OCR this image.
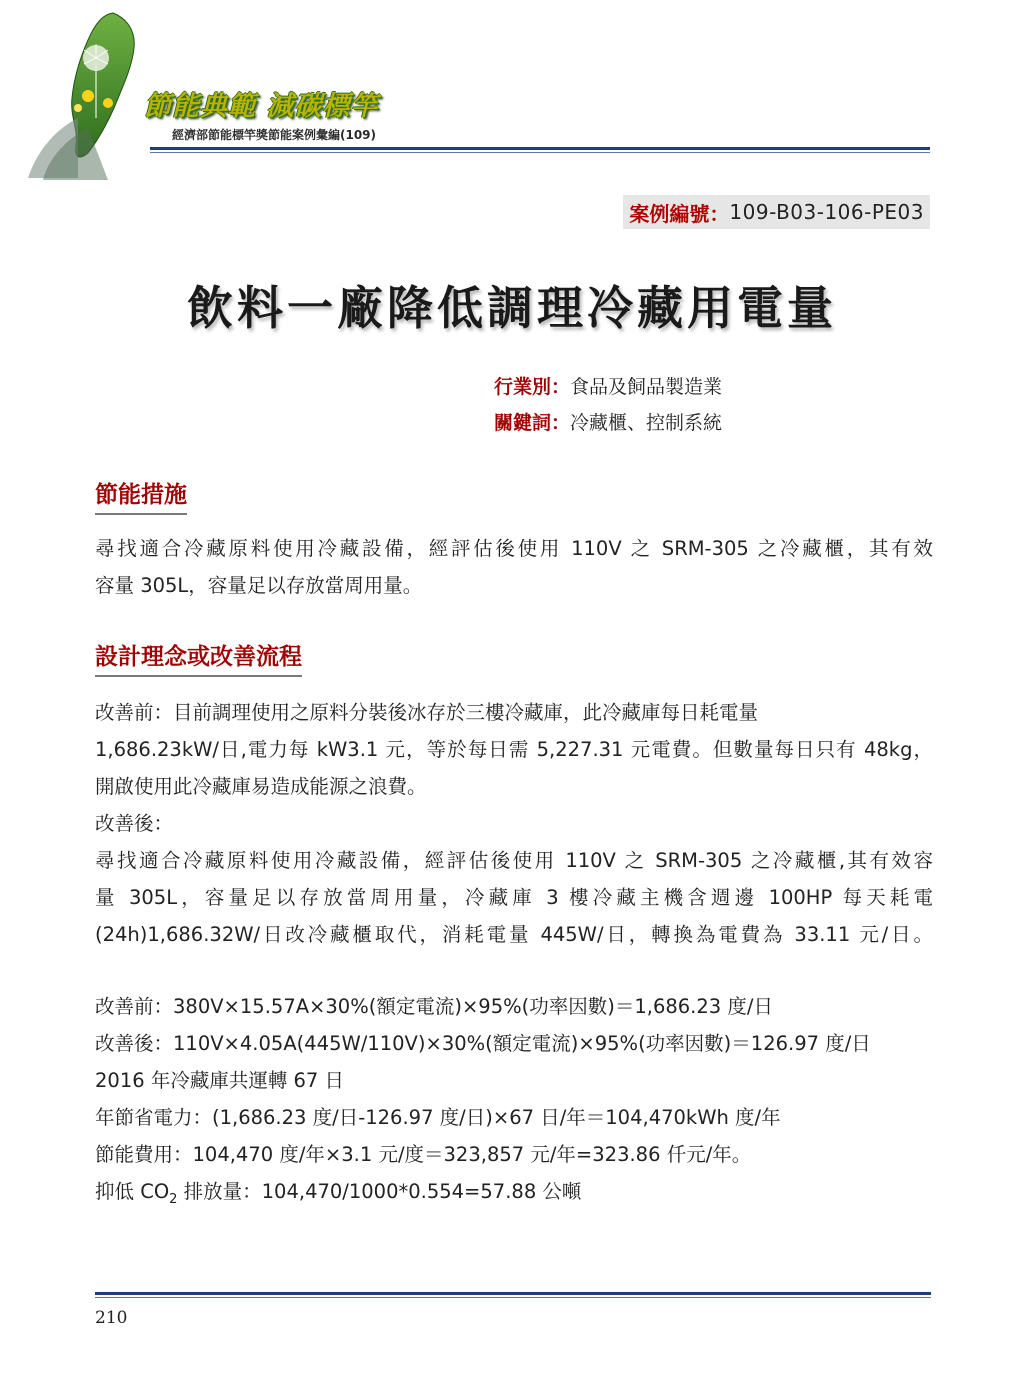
節能典範 減碳標竿
經濟部節能標竿獎節能案例彙編(109)
案例編號： 109-B03-106-PE03
飲料一廠降低調理冷藏用電量
行業別：食品及飼品製造業
關鍵詞：冷藏櫃、控制系統
節能措施
尋找適合冷藏原料使用冷藏設備，經評估後使用 110V 之 SRM-305 之冷藏櫃，其有效
容量 305L，容量足以存放當周用量。
設計理念或改善流程
改善前：目前調理使用之原料分裝後冰存於三樓冷藏庫，此冷藏庫每日耗電量
1,686.23kW/日,電力每 kW3.1 元，等於每日需 5,227.31 元電費。但數量每日只有 48kg，
開啟使用此冷藏庫易造成能源之浪費。
改善後：
尋找適合冷藏原料使用冷藏設備，經評估後使用 110V 之 SRM-305 之冷藏櫃,其有效容
量 305L，容量足以存放當周用量，冷藏庫 3 樓冷藏主機含週邊 100HP 每天耗電
(24h)1,686.32W/日改冷藏櫃取代，消耗電量 445W/日，轉換為電費為 33.11 元/日。
改善前：380V×15.57A×30%(額定電流)×95%(功率因數)＝1,686.23 度/日
改善後：110V×4.05A(445W/110V)×30%(額定電流)×95%(功率因數)＝126.97 度/日
2016 年冷藏庫共運轉 67 日
年節省電力：(1,686.23 度/日-126.97 度/日)×67 日/年＝104,470kWh 度/年
節能費用：104,470 度/年×3.1 元/度＝323,857 元/年=323.86 仟元/年。
抑低 $CO_2$ 排放量：104,470/1000*0.554=57.88 公噸
210
